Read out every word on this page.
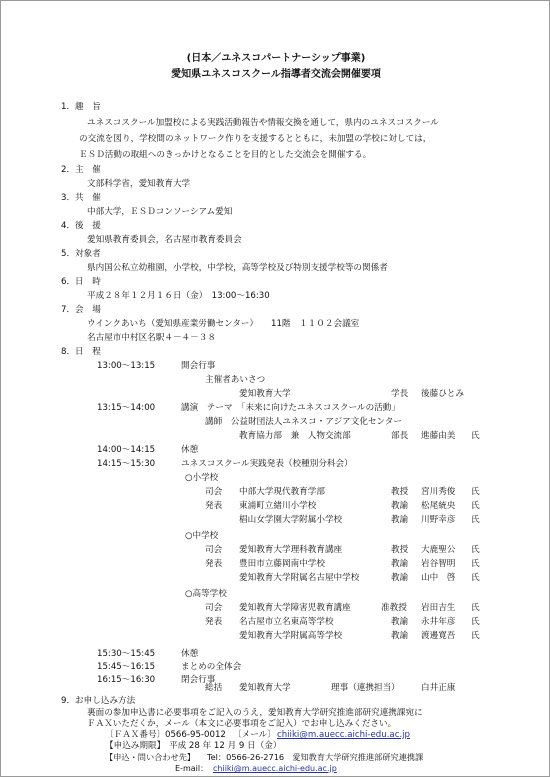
(日本／ユネスコパートナーシップ事業)
愛知県ユネスコスクール指導者交流会開催要項
1．趣　旨
ユネスコスクール加盟校による実践活動報告や情報交換を通して，県内のユネスコスクール
の交流を図り，学校間のネットワーク作りを支援するとともに，未加盟の学校に対しては，
ＥＳＤ活動の取組へのきっかけとなることを目的とした交流会を開催する。
2．主　催
文部科学省，愛知教育大学
3．共　催
中部大学，ＥＳＤコンソーシアム愛知
4．後　援
愛知県教育委員会，名古屋市教育委員会
5．対象者
県内国公私立幼稚園，小学校，中学校，高等学校及び特別支援学校等の関係者
6．日　時
平成２８年１２月１６日（金）　13:00～16:30
7．会　場
ウインクあいち（愛知県産業労働センター）　　11階　１１０２会議室
名古屋市中村区名駅４－４－３８
8．日　程
13:00～13:15	開会行事
主催者あいさつ
愛知教育大学	学長 後藤ひとみ
13:15～14:00	講演　テーマ　「未来に向けたユネスコスクールの活動」
講師　公益財団法人ユネスコ・アジア文化センター
教育協力部　兼　人物交流部	部長 進藤由美 氏
14:00～14:15	休憩
14:15～15:30	ユネスコスクール実践発表（校種別分科会）
○小学校
司会 中部大学現代教育学部	教授 宮川秀俊 氏
発表 東浦町立緒川小学校	教諭 松尾統央 氏
椙山女学園大学附属小学校	教諭 川野幸彦 氏
○中学校
司会 愛知教育大学理科教育講座	教授 大鹿聖公 氏
発表 豊田市立藤岡南中学校	教諭 岩谷智明 氏
愛知教育大学附属名古屋中学校	教諭 山中　啓 氏
○高等学校
司会 愛知教育大学障害児教育講座	准教授 岩田吉生 氏
発表 名古屋市立名東高等学校	教諭 永井年彦 氏
愛知教育大学附属高等学校	教諭 渡邊寛吾 氏
15:30～15:45	休憩
15:45～16:15	まとめの全体会
16:15～16:30	閉会行事
総括 愛知教育大学	理事（連携担当） 白井正康
9．お申し込み方法
裏面の参加申込書に必要事項をご記入のうえ，愛知教育大学研究推進部研究連携課宛に
ＦＡＸいただくか，メール（本文に必要事項をご記入）でお申し込みください。
〔ＦＡＸ番号〕 0566-95-0012 〔メール〕 chiiki@m.auecc.aichi-edu.ac.jp
【申込み期限】 平成 28 年 12 月 9 日（金）
【申込・問い合わせ先】 Tel：0566-26-2716　愛知教育大学研究推進部研究連携課
E-mail： chiiki@m.auecc.aichi-edu.ac.jp
